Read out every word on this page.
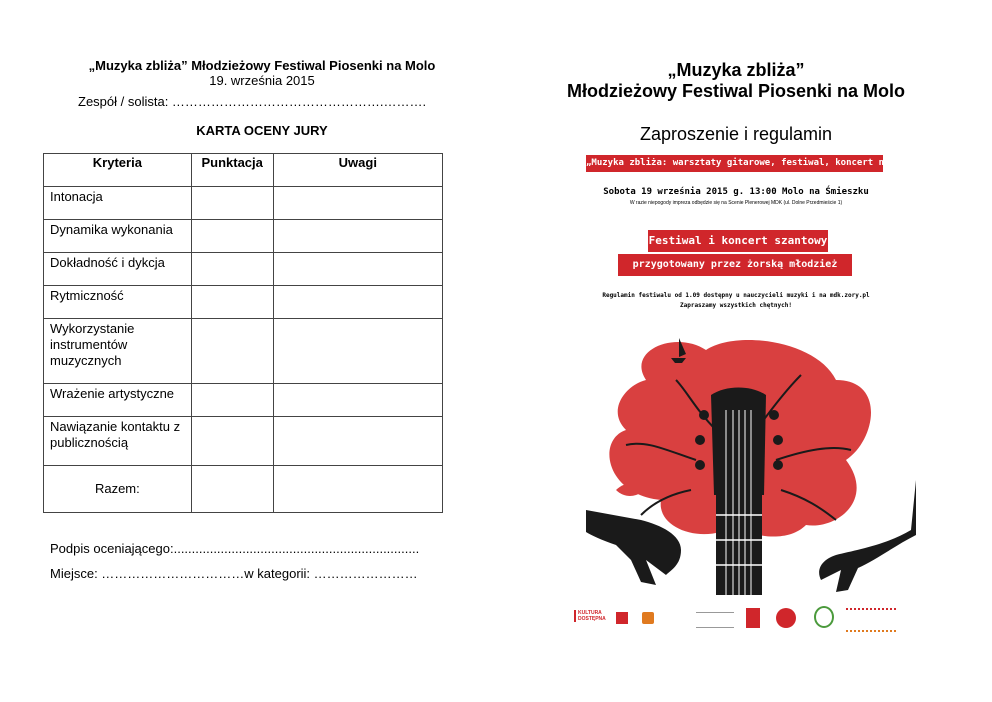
„Muzyka zbliża” Młodzieżowy Festiwal Piosenki na Molo
19. września 2015
Zespół / solista: ………………………………………….……….
KARTA OCENY JURY
Kryteria	Punktacja	Uwagi
Intonacja		
Dynamika wykonania		
Dokładność i dykcja		
Rytmiczność		
Wykorzystanie instrumentów muzycznych		
Wrażenie artystyczne		
Nawiązanie kontaktu z publicznością		
Razem:		
Podpis oceniającego:....................................................................
Miejsce: ……………………………w kategorii: ……………………
„Muzyka zbliża”
Młodzieżowy Festiwal Piosenki na Molo
Zaproszenie i regulamin
„Muzyka zbliża: warsztaty gitarowe, festiwal, koncert na molo”.
Sobota 19 września 2015 g. 13:00 Molo na Śmieszku
W razie niepogody impreza odbędzie się na Scenie Plenerowej MDK (ul. Dolne Przedmieście 1)
Festiwal i koncert szantowy
przygotowany przez żorską młodzież
Regulamin festiwalu od 1.09 dostępny u nauczycieli muzyki i na mdk.zory.pl
Zapraszamy wszystkich chętnych!
KULTURA DOSTĘPNA
